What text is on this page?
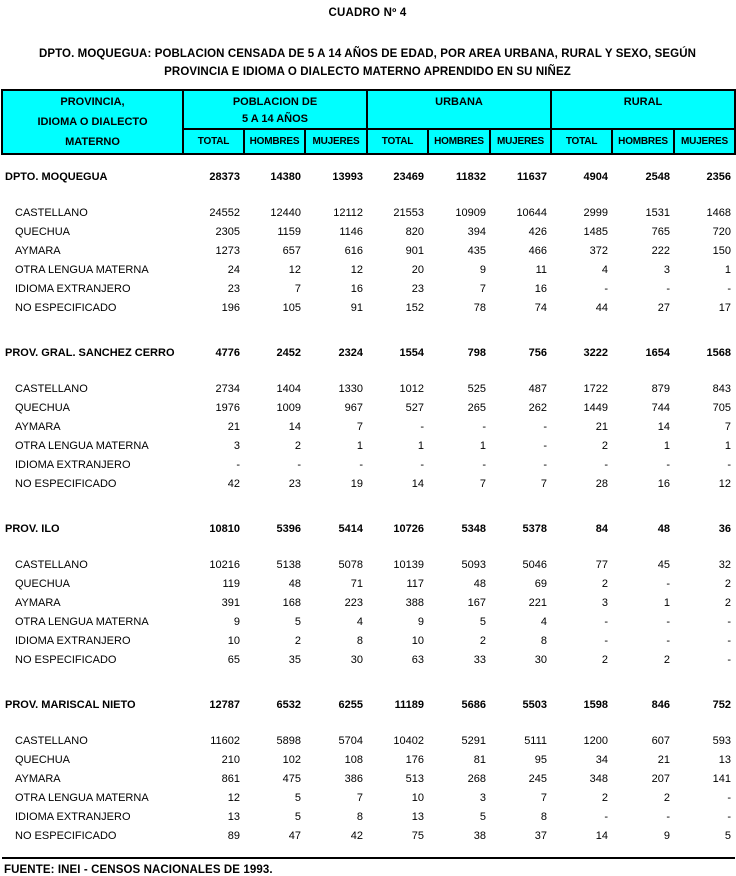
CUADRO Nº 4
DPTO. MOQUEGUA: POBLACION CENSADA DE 5 A 14 AÑOS DE EDAD, POR AREA URBANA, RURAL Y SEXO, SEGÚN
PROVINCIA E IDIOMA O DIALECTO MATERNO APRENDIDO EN SU NIÑEZ
PROVINCIA,
IDIOMA O DIALECTO
MATERNO

POBLACION DE
5 A 14 AÑOS

URBANA	RURAL

	TOTAL	HOMBRES	MUJERES	TOTAL	HOMBRES	MUJERES	TOTAL	HOMBRES	MUJERES

DPTO. MOQUEGUA	28373	14380	13993	23469	11832	11637	4904	2548	2356

CASTELLANO	24552	12440	12112	21553	10909	10644	2999	1531	1468
QUECHUA	2305	1159	1146	820	394	426	1485	765	720
AYMARA	1273	657	616	901	435	466	372	222	150
OTRA LENGUA MATERNA	24	12	12	20	9	11	4	3	1
IDIOMA EXTRANJERO	23	7	16	23	7	16	-	-	-
NO ESPECIFICADO	196	105	91	152	78	74	44	27	17

PROV. GRAL. SANCHEZ CERRO	4776	2452	2324	1554	798	756	3222	1654	1568

CASTELLANO	2734	1404	1330	1012	525	487	1722	879	843
QUECHUA	1976	1009	967	527	265	262	1449	744	705
AYMARA	21	14	7	-	-	-	21	14	7
OTRA LENGUA MATERNA	3	2	1	1	1	-	2	1	1
IDIOMA EXTRANJERO	-	-	-	-	-	-	-	-	-
NO ESPECIFICADO	42	23	19	14	7	7	28	16	12

PROV. ILO	10810	5396	5414	10726	5348	5378	84	48	36

CASTELLANO	10216	5138	5078	10139	5093	5046	77	45	32
QUECHUA	119	48	71	117	48	69	2	-	2
AYMARA	391	168	223	388	167	221	3	1	2
OTRA LENGUA MATERNA	9	5	4	9	5	4	-	-	-
IDIOMA EXTRANJERO	10	2	8	10	2	8	-	-	-
NO ESPECIFICADO	65	35	30	63	33	30	2	2	-

PROV. MARISCAL NIETO	12787	6532	6255	11189	5686	5503	1598	846	752

CASTELLANO	11602	5898	5704	10402	5291	5111	1200	607	593
QUECHUA	210	102	108	176	81	95	34	21	13
AYMARA	861	475	386	513	268	245	348	207	141
OTRA LENGUA MATERNA	12	5	7	10	3	7	2	2	-
IDIOMA EXTRANJERO	13	5	8	13	5	8	-	-	-
NO ESPECIFICADO	89	47	42	75	38	37	14	9	5

FUENTE: INEI - CENSOS NACIONALES DE 1993.
